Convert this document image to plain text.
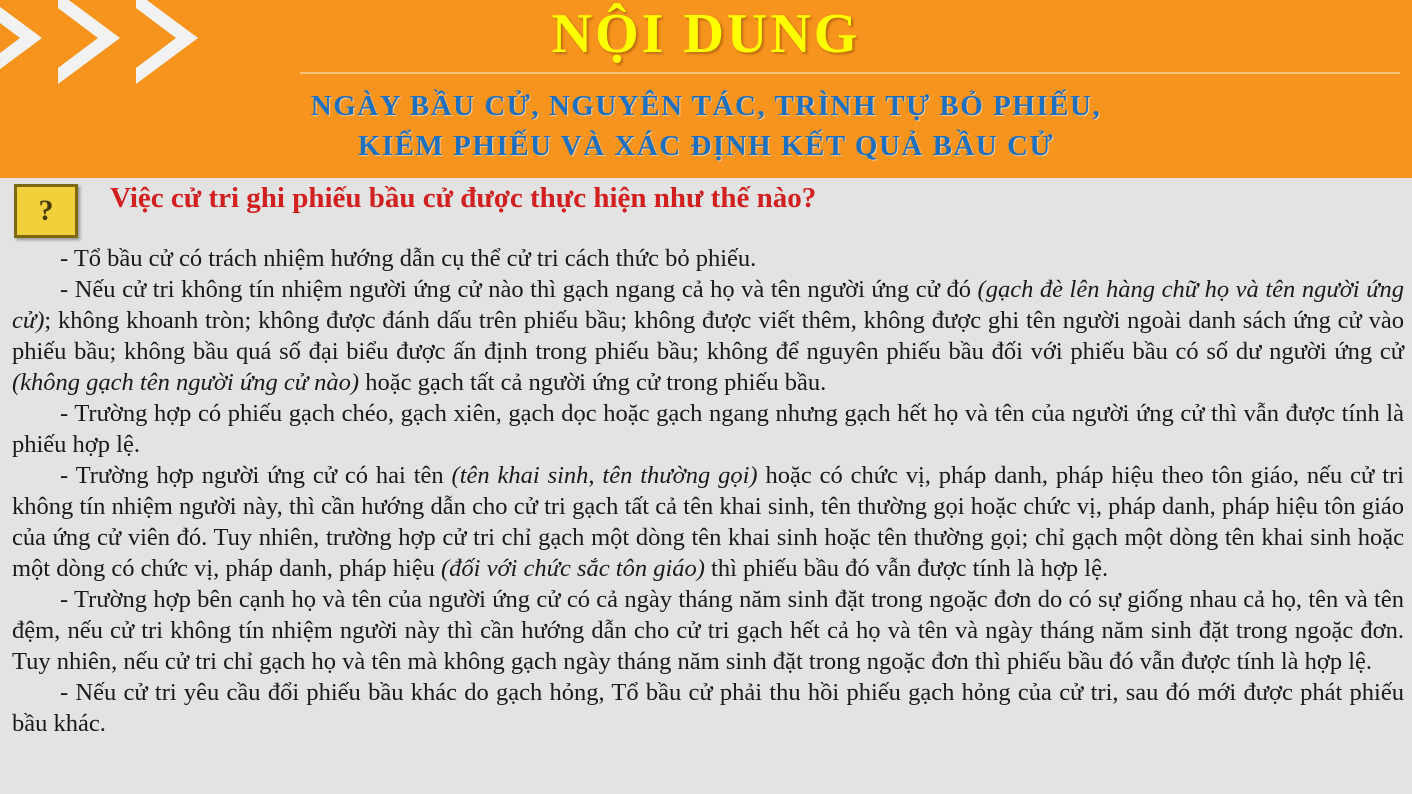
NỘI DUNG
NGÀY BẦU CỬ, NGUYÊN TÁC, TRÌNH TỰ BỎ PHIẾU,
KIỂM PHIẾU VÀ XÁC ĐỊNH KẾT QUẢ BẦU CỬ
?	Việc cử tri ghi phiếu bầu cử được thực hiện như thế nào?

- Tổ bầu cử có trách nhiệm hướng dẫn cụ thể cử tri cách thức bỏ phiếu.

- Nếu cử tri không tín nhiệm người ứng cử nào thì gạch ngang cả họ và tên người ứng cử đó (gạch đè lên hàng chữ họ và tên người ứng cử); không khoanh tròn; không được đánh dấu trên phiếu bầu; không được viết thêm, không được ghi tên người ngoài danh sách ứng cử vào phiếu bầu; không bầu quá số đại biểu được ấn định trong phiếu bầu; không để nguyên phiếu bầu đối với phiếu bầu có số dư người ứng cử (không gạch tên người ứng cử nào) hoặc gạch tất cả người ứng cử trong phiếu bầu.

- Trường hợp có phiếu gạch chéo, gạch xiên, gạch dọc hoặc gạch ngang nhưng gạch hết họ và tên của người ứng cử thì vẫn được tính là phiếu hợp lệ.

- Trường hợp người ứng cử có hai tên (tên khai sinh, tên thường gọi) hoặc có chức vị, pháp danh, pháp hiệu theo tôn giáo, nếu cử tri không tín nhiệm người này, thì cần hướng dẫn cho cử tri gạch tất cả tên khai sinh, tên thường gọi hoặc chức vị, pháp danh, pháp hiệu tôn giáo của ứng cử viên đó. Tuy nhiên, trường hợp cử tri chỉ gạch một dòng tên khai sinh hoặc tên thường gọi; chỉ gạch một dòng tên khai sinh hoặc một dòng có chức vị, pháp danh, pháp hiệu (đối với chức sắc tôn giáo) thì phiếu bầu đó vẫn được tính là hợp lệ.

- Trường hợp bên cạnh họ và tên của người ứng cử có cả ngày tháng năm sinh đặt trong ngoặc đơn do có sự giống nhau cả họ, tên và tên đệm, nếu cử tri không tín nhiệm người này thì cần hướng dẫn cho cử tri gạch hết cả họ và tên và ngày tháng năm sinh đặt trong ngoặc đơn. Tuy nhiên, nếu cử tri chỉ gạch họ và tên mà không gạch ngày tháng năm sinh đặt trong ngoặc đơn thì phiếu bầu đó vẫn được tính là hợp lệ.

- Nếu cử tri yêu cầu đổi phiếu bầu khác do gạch hỏng, Tổ bầu cử phải thu hồi phiếu gạch hỏng của cử tri, sau đó mới được phát phiếu bầu khác.
